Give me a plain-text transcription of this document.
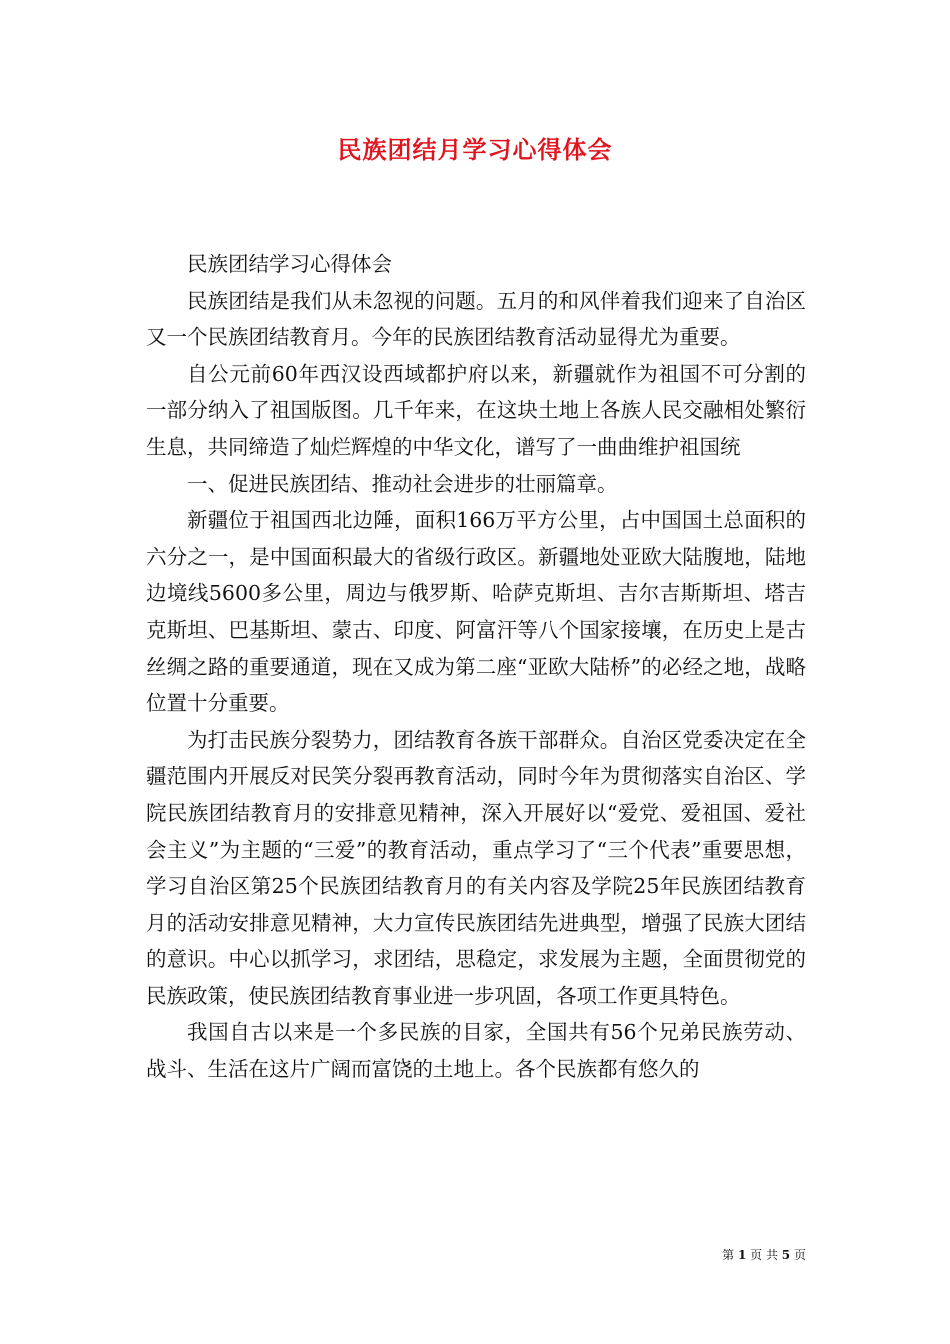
民族团结月学习心得体会

民族团结学习心得体会

民族团结是我们从未忽视的问题。五月的和风伴着我们迎来了自治区又一个民族团结教育月。今年的民族团结教育活动显得尤为重要。

自公元前60年西汉设西域都护府以来，新疆就作为祖国不可分割的一部分纳入了祖国版图。几千年来，在这块土地上各族人民交融相处繁衍生息，共同缔造了灿烂辉煌的中华文化，谱写了一曲曲维护祖国统

一、促进民族团结、推动社会进步的壮丽篇章。

新疆位于祖国西北边陲，面积166万平方公里，占中国国土总面积的六分之一，是中国面积最大的省级行政区。新疆地处亚欧大陆腹地，陆地边境线5600多公里，周边与俄罗斯、哈萨克斯坦、吉尔吉斯斯坦、塔吉克斯坦、巴基斯坦、蒙古、印度、阿富汗等八个国家接壤，在历史上是古丝绸之路的重要通道，现在又成为第二座“亚欧大陆桥”的必经之地，战略位置十分重要。

为打击民族分裂势力，团结教育各族干部群众。自治区党委决定在全疆范围内开展反对民笑分裂再教育活动，同时今年为贯彻落实自治区、学院民族团结教育月的安排意见精神，深入开展好以“爱党、爱祖国、爱社会主义”为主题的“三爱”的教育活动，重点学习了“三个代表”重要思想，学习自治区第25个民族团结教育月的有关内容及学院25年民族团结教育月的活动安排意见精神，大力宣传民族团结先进典型，增强了民族大团结的意识。中心以抓学习，求团结，思稳定，求发展为主题，全面贯彻党的民族政策，使民族团结教育事业进一步巩固，各项工作更具特色。

我国自古以来是一个多民族的目家，全国共有56个兄弟民族劳动、战斗、生活在这片广阔而富饶的土地上。各个民族都有悠久的

第 1 页 共 5 页
